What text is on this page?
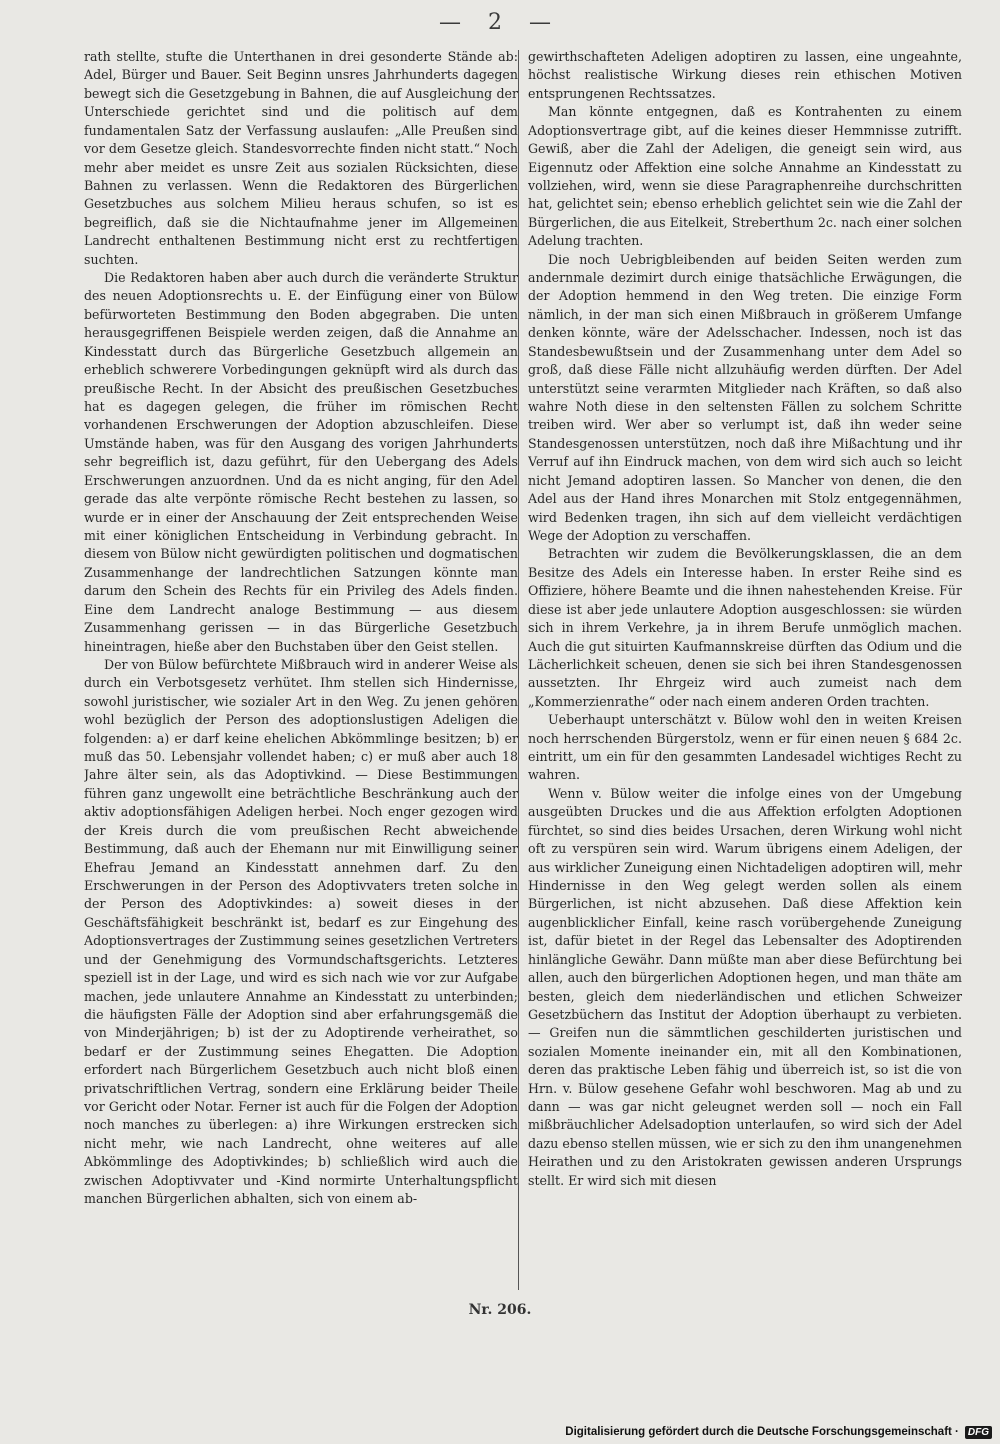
— 2 —

rath stellte, stufte die Unterthanen in drei gesonderte Stände ab: Adel, Bürger und Bauer. Seit Beginn unsres Jahrhunderts dagegen bewegt sich die Gesetzgebung in Bahnen, die auf Ausgleichung der Unterschiede gerichtet sind und die politisch auf dem fundamentalen Satz der Verfassung auslaufen: „Alle Preußen sind vor dem Gesetze gleich. Standesvorrechte finden nicht statt.“ Noch mehr aber meidet es unsre Zeit aus sozialen Rücksichten, diese Bahnen zu verlassen. Wenn die Redaktoren des Bürgerlichen Gesetzbuches aus solchem Milieu heraus schufen, so ist es begreiflich, daß sie die Nichtaufnahme jener im Allgemeinen Landrecht enthaltenen Bestimmung nicht erst zu rechtfertigen suchten.

Die Redaktoren haben aber auch durch die veränderte Struktur des neuen Adoptionsrechts u. E. der Einfügung einer von Bülow befürworteten Bestimmung den Boden abgegraben. Die unten herausgegriffenen Beispiele werden zeigen, daß die Annahme an Kindesstatt durch das Bürgerliche Gesetzbuch allgemein an erheblich schwerere Vorbedingungen geknüpft wird als durch das preußische Recht. In der Absicht des preußischen Gesetzbuches hat es dagegen gelegen, die früher im römischen Recht vorhandenen Erschwerungen der Adoption abzuschleifen. Diese Umstände haben, was für den Ausgang des vorigen Jahrhunderts sehr begreiflich ist, dazu geführt, für den Uebergang des Adels Erschwerungen anzuordnen. Und da es nicht anging, für den Adel gerade das alte verpönte römische Recht bestehen zu lassen, so wurde er in einer der Anschauung der Zeit entsprechenden Weise mit einer königlichen Entscheidung in Verbindung gebracht. In diesem von Bülow nicht gewürdigten politischen und dogmatischen Zusammenhange der landrechtlichen Satzungen könnte man darum den Schein des Rechts für ein Privileg des Adels finden. Eine dem Landrecht analoge Bestimmung — aus diesem Zusammenhang gerissen — in das Bürgerliche Gesetzbuch hineintragen, hieße aber den Buchstaben über den Geist stellen.

Der von Bülow befürchtete Mißbrauch wird in anderer Weise als durch ein Verbotsgesetz verhütet. Ihm stellen sich Hindernisse, sowohl juristischer, wie sozialer Art in den Weg. Zu jenen gehören wohl bezüglich der Person des adoptionslustigen Adeligen die folgenden: a) er darf keine ehelichen Abkömmlinge besitzen; b) er muß das 50. Lebensjahr vollendet haben; c) er muß aber auch 18 Jahre älter sein, als das Adoptivkind. — Diese Bestimmungen führen ganz ungewollt eine beträchtliche Beschränkung auch der aktiv adoptionsfähigen Adeligen herbei. Noch enger gezogen wird der Kreis durch die vom preußischen Recht abweichende Bestimmung, daß auch der Ehemann nur mit Einwilligung seiner Ehefrau Jemand an Kindesstatt annehmen darf. Zu den Erschwerungen in der Person des Adoptivvaters treten solche in der Person des Adoptivkindes: a) soweit dieses in der Geschäftsfähigkeit beschränkt ist, bedarf es zur Eingehung des Adoptionsvertrages der Zustimmung seines gesetzlichen Vertreters und der Genehmigung des Vormundschaftsgerichts. Letzteres speziell ist in der Lage, und wird es sich nach wie vor zur Aufgabe machen, jede unlautere Annahme an Kindesstatt zu unterbinden; die häufigsten Fälle der Adoption sind aber erfahrungsgemäß die von Minderjährigen; b) ist der zu Adoptirende verheirathet, so bedarf er der Zustimmung seines Ehegatten. Die Adoption erfordert nach Bürgerlichem Gesetzbuch auch nicht bloß einen privatschriftlichen Vertrag, sondern eine Erklärung beider Theile vor Gericht oder Notar. Ferner ist auch für die Folgen der Adoption noch manches zu überlegen: a) ihre Wirkungen erstrecken sich nicht mehr, wie nach Landrecht, ohne weiteres auf alle Abkömmlinge des Adoptivkindes; b) schließlich wird auch die zwischen Adoptivvater und -Kind normirte Unterhaltungspflicht manchen Bürgerlichen abhalten, sich von einem ab-

gewirthschafteten Adeligen adoptiren zu lassen, eine ungeahnte, höchst realistische Wirkung dieses rein ethischen Motiven entsprungenen Rechtssatzes.

Man könnte entgegnen, daß es Kontrahenten zu einem Adoptionsvertrage gibt, auf die keines dieser Hemmnisse zutrifft. Gewiß, aber die Zahl der Adeligen, die geneigt sein wird, aus Eigennutz oder Affektion eine solche Annahme an Kindesstatt zu vollziehen, wird, wenn sie diese Paragraphenreihe durchschritten hat, gelichtet sein; ebenso erheblich gelichtet sein wie die Zahl der Bürgerlichen, die aus Eitelkeit, Streberthum 2c. nach einer solchen Adelung trachten.

Die noch Uebrigbleibenden auf beiden Seiten werden zum andernmale dezimirt durch einige thatsächliche Erwägungen, die der Adoption hemmend in den Weg treten. Die einzige Form nämlich, in der man sich einen Mißbrauch in größerem Umfange denken könnte, wäre der Adelsschacher. Indessen, noch ist das Standesbewußtsein und der Zusammenhang unter dem Adel so groß, daß diese Fälle nicht allzuhäufig werden dürften. Der Adel unterstützt seine verarmten Mitglieder nach Kräften, so daß also wahre Noth diese in den seltensten Fällen zu solchem Schritte treiben wird. Wer aber so verlumpt ist, daß ihn weder seine Standesgenossen unterstützen, noch daß ihre Mißachtung und ihr Verruf auf ihn Eindruck machen, von dem wird sich auch so leicht nicht Jemand adoptiren lassen. So Mancher von denen, die den Adel aus der Hand ihres Monarchen mit Stolz entgegennähmen, wird Bedenken tragen, ihn sich auf dem vielleicht verdächtigen Wege der Adoption zu verschaffen.

Betrachten wir zudem die Bevölkerungsklassen, die an dem Besitze des Adels ein Interesse haben. In erster Reihe sind es Offiziere, höhere Beamte und die ihnen nahestehenden Kreise. Für diese ist aber jede unlautere Adoption ausgeschlossen: sie würden sich in ihrem Verkehre, ja in ihrem Berufe unmöglich machen. Auch die gut situirten Kaufmannskreise dürften das Odium und die Lächerlichkeit scheuen, denen sie sich bei ihren Standesgenossen aussetzten. Ihr Ehrgeiz wird auch zumeist nach dem „Kommerzienrathe“ oder nach einem anderen Orden trachten.

Ueberhaupt unterschätzt v. Bülow wohl den in weiten Kreisen noch herrschenden Bürgerstolz, wenn er für einen neuen § 684 2c. eintritt, um ein für den gesammten Landesadel wichtiges Recht zu wahren.

Wenn v. Bülow weiter die infolge eines von der Umgebung ausgeübten Druckes und die aus Affektion erfolgten Adoptionen fürchtet, so sind dies beides Ursachen, deren Wirkung wohl nicht oft zu verspüren sein wird. Warum übrigens einem Adeligen, der aus wirklicher Zuneigung einen Nichtadeligen adoptiren will, mehr Hindernisse in den Weg gelegt werden sollen als einem Bürgerlichen, ist nicht abzusehen. Daß diese Affektion kein augenblicklicher Einfall, keine rasch vorübergehende Zuneigung ist, dafür bietet in der Regel das Lebensalter des Adoptirenden hinlängliche Gewähr. Dann müßte man aber diese Befürchtung bei allen, auch den bürgerlichen Adoptionen hegen, und man thäte am besten, gleich dem niederländischen und etlichen Schweizer Gesetzbüchern das Institut der Adoption überhaupt zu verbieten. — Greifen nun die sämmtlichen geschilderten juristischen und sozialen Momente ineinander ein, mit all den Kombinationen, deren das praktische Leben fähig und überreich ist, so ist die von Hrn. v. Bülow gesehene Gefahr wohl beschworen. Mag ab und zu dann — was gar nicht geleugnet werden soll — noch ein Fall mißbräuchlicher Adelsadoption unterlaufen, so wird sich der Adel dazu ebenso stellen müssen, wie er sich zu den ihm unangenehmen Heirathen und zu den Aristokraten gewissen anderen Ursprungs stellt. Er wird sich mit diesen

Nr. 206.
Digitalisierung gefördert durch die Deutsche Forschungsgemeinschaft · DFG
